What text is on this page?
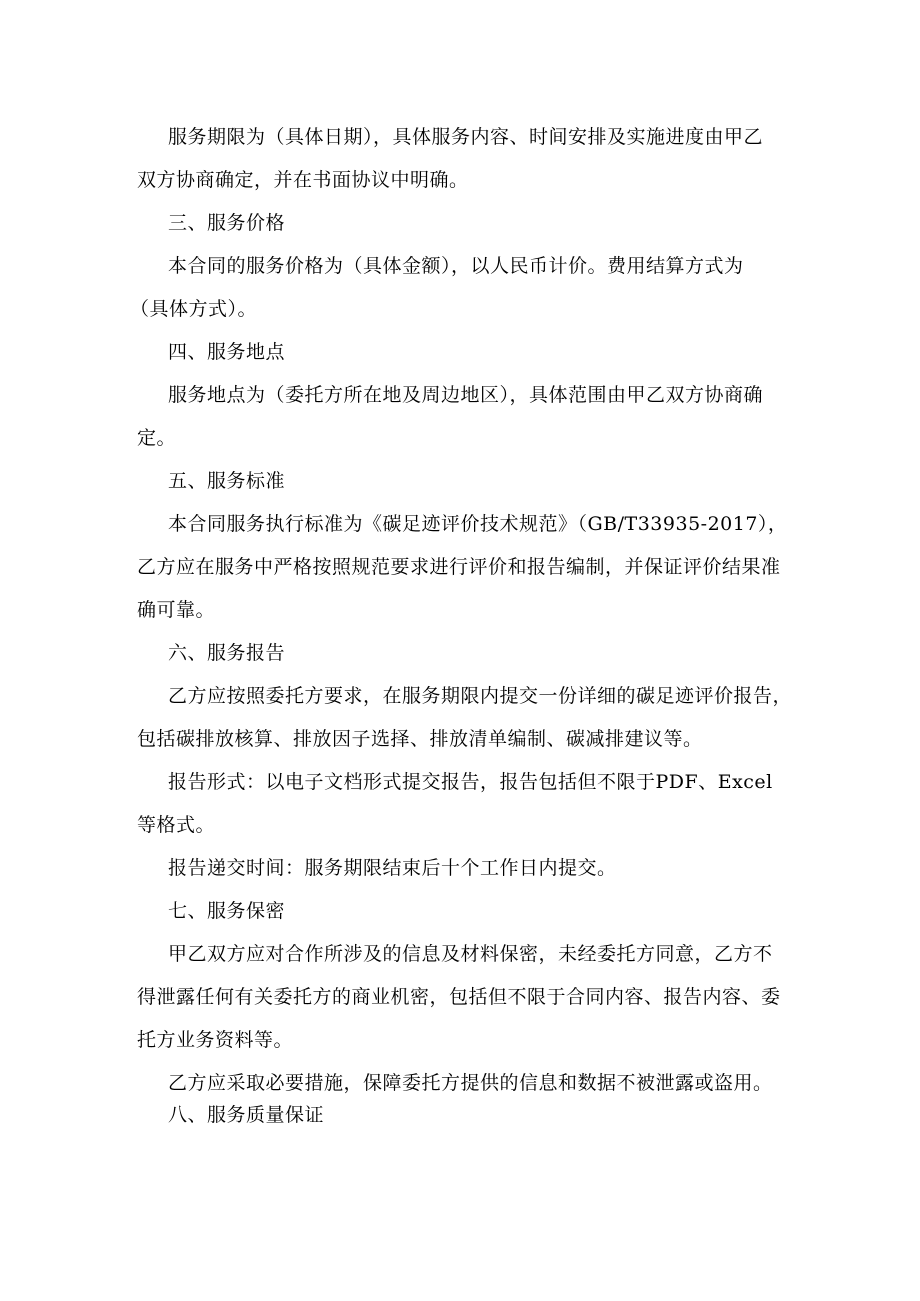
服务期限为（具体日期），具体服务内容、时间安排及实施进度由甲乙
双方协商确定，并在书面协议中明确。
三、服务价格
本合同的服务价格为（具体金额），以人民币计价。费用结算方式为
（具体方式）。
四、服务地点
服务地点为（委托方所在地及周边地区），具体范围由甲乙双方协商确
定。
五、服务标准
本合同服务执行标准为《碳足迹评价技术规范》（GB/T33935-2017），
乙方应在服务中严格按照规范要求进行评价和报告编制，并保证评价结果准
确可靠。
六、服务报告
乙方应按照委托方要求，在服务期限内提交一份详细的碳足迹评价报告，
包括碳排放核算、排放因子选择、排放清单编制、碳减排建议等。
报告形式：以电子文档形式提交报告，报告包括但不限于PDF、Excel
等格式。
报告递交时间：服务期限结束后十个工作日内提交。
七、服务保密
甲乙双方应对合作所涉及的信息及材料保密，未经委托方同意，乙方不
得泄露任何有关委托方的商业机密，包括但不限于合同内容、报告内容、委
托方业务资料等。
乙方应采取必要措施，保障委托方提供的信息和数据不被泄露或盗用。
八、服务质量保证
